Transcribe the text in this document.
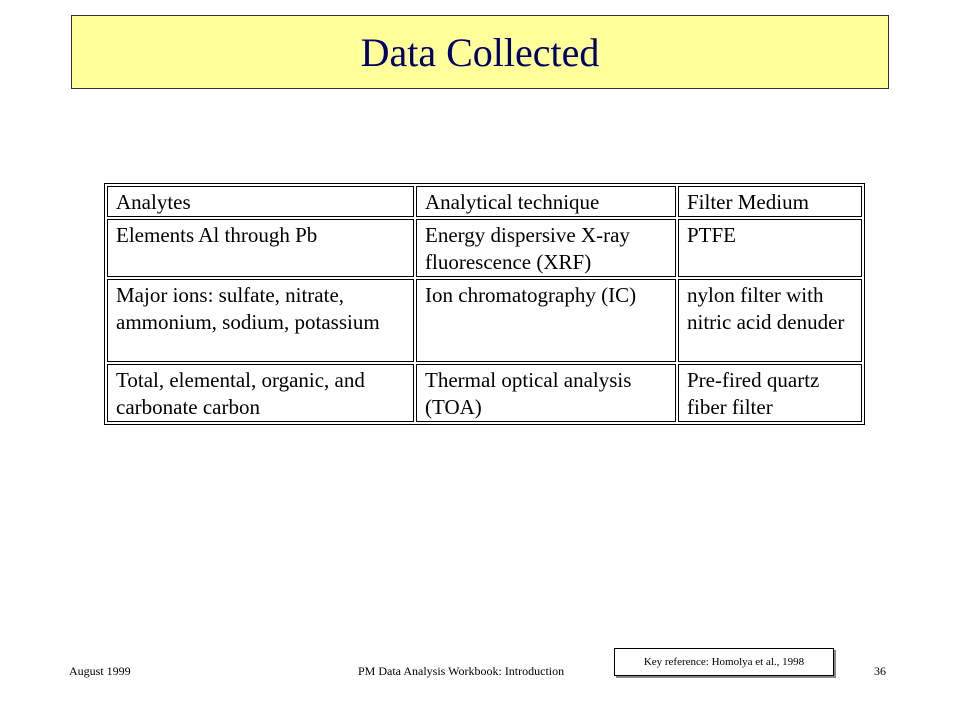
Data Collected
Analytes	Analytical technique	Filter Medium
Elements Al through Pb	Energy dispersive X-ray fluorescence (XRF)	PTFE
Major ions: sulfate, nitrate, ammonium, sodium, potassium	Ion chromatography (IC)	nylon filter with nitric acid denuder
Total, elemental, organic, and carbonate carbon	Thermal optical analysis (TOA)	Pre-fired quartz fiber filter
Key reference: Homolya et al., 1998
August 1999	PM Data Analysis Workbook: Introduction	36
